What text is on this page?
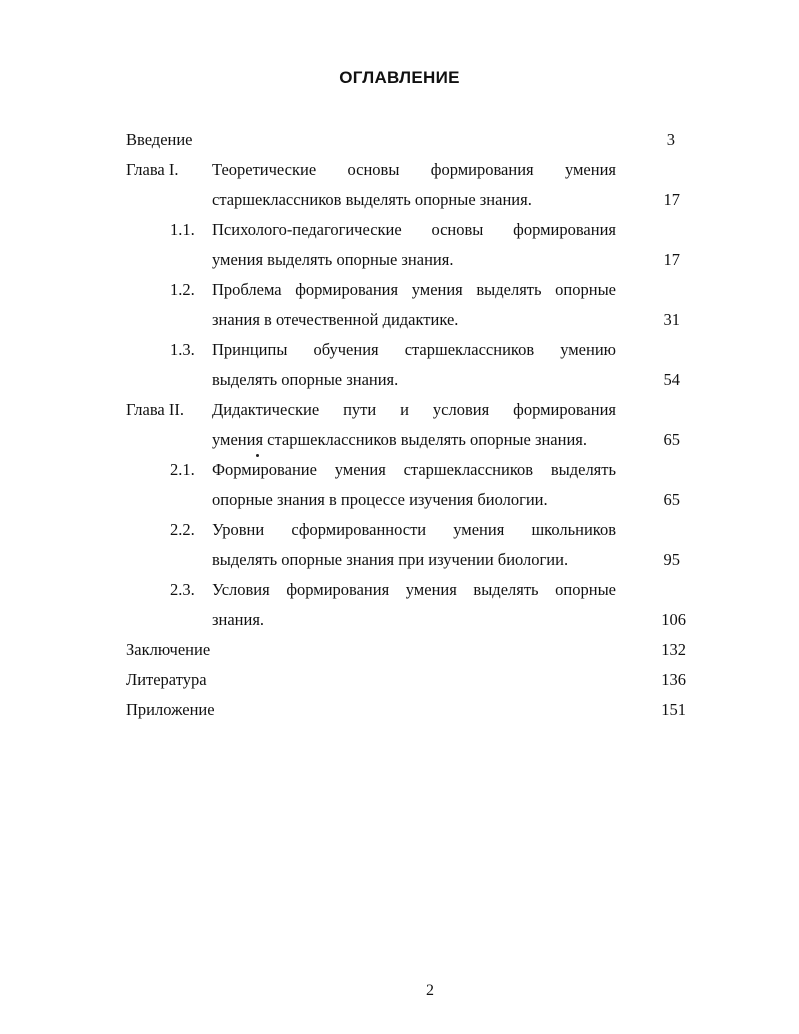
ОГЛАВЛЕНИЕ
Введение	3
Глава I. Теоретические основы формирования умения
старшеклассников выделять опорные знания.	17
1.1. Психолого-педагогические основы формирования
умения выделять опорные знания.	17
1.2. Проблема формирования умения выделять опорные
знания в отечественной дидактике.	31
1.3. Принципы обучения старшеклассников умению
выделять опорные знания.	54
Глава II. Дидактические пути и условия формирования
умения старшеклассников выделять опорные знания.	65
2.1. Формирование умения старшеклассников выделять
опорные знания в процессе изучения биологии.	65
2.2. Уровни сформированности умения школьников
выделять опорные знания при изучении биологии.	95
2.3. Условия формирования умения выделять опорные
знания.	106
Заключение	132
Литература	136
Приложение	151
2
